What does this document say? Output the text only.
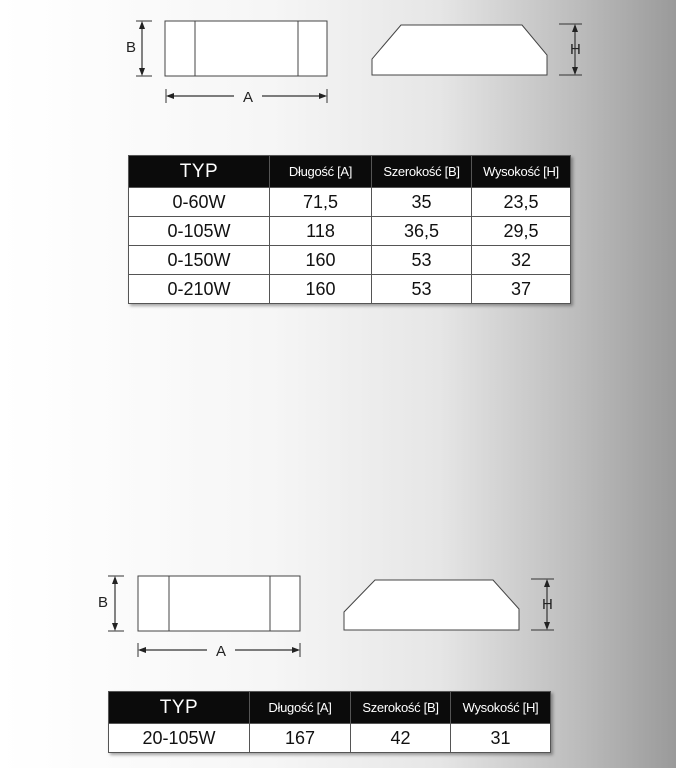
B
A
H
TYP	Długość [A]	Szerokość [B]	Wysokość [H]
0-60W	71,5	35	23,5
0-105W	118	36,5	29,5
0-150W	160	53	32
0-210W	160	53	37
B
A
H
TYP	Długość [A]	Szerokość [B]	Wysokość [H]
20-105W	167	42	31
